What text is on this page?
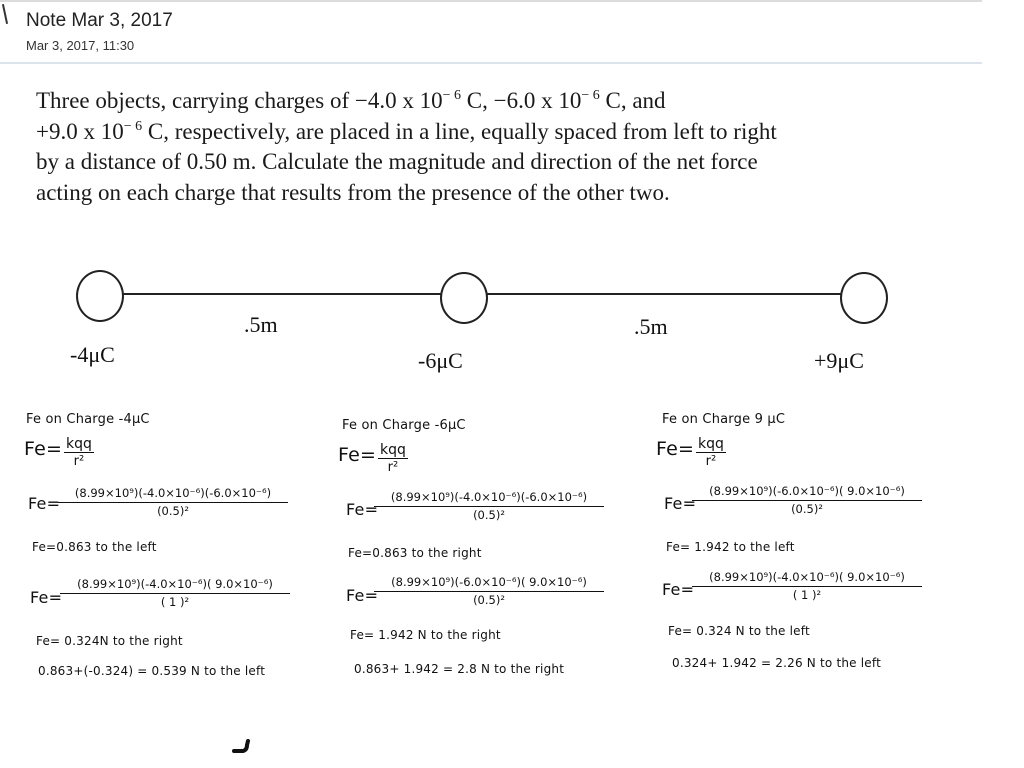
Note Mar 3, 2017
Mar 3, 2017, 11:30
Three objects, carrying charges of −4.0 x $10^{- 6}$ C, −6.0 x $10^{- 6}$ C, and
+9.0 x $10^{- 6}$ C, respectively, are placed in a line, equally spaced from left to right
by a distance of 0.50 m. Calculate the magnitude and direction of the net force
acting on each charge that results from the presence of the other two.
.5m	.5m
-4μC	-6μC	+9μC
Fe on Charge -4μC
Fe= kqq
r²
Fe=
$\frac{\text{(8.99×10⁹)(-4.0×10⁻⁶)(-6.0×10⁻⁶)}}{\text{(0.5)²}}$
Fe=0.863 to the left
Fe=
$\frac{\text{(8.99×10⁹)(-4.0×10⁻⁶)( 9.0×10⁻⁶)}}{\text{( 1 )²}}$
Fe= 0.324N to the right
0.863+(-0.324) = 0.539 N to the left
Fe on Charge -6μC
Fe= kqq
r²
Fe=
$\frac{\text{(8.99×10⁹)(-4.0×10⁻⁶)(-6.0×10⁻⁶)}}{\text{(0.5)²}}$
Fe=0.863 to the right
Fe=
$\frac{\text{(8.99×10⁹)(-6.0×10⁻⁶)( 9.0×10⁻⁶)}}{\text{(0.5)²}}$
Fe= 1.942 N to the right
0.863+ 1.942 = 2.8 N to the right
Fe on Charge 9 μC
Fe= kqq
r²
Fe=
$\frac{\text{(8.99×10⁹)(-6.0×10⁻⁶)( 9.0×10⁻⁶)}}{\text{(0.5)²}}$
Fe= 1.942 to the left
Fe=
$\frac{\text{(8.99×10⁹)(-4.0×10⁻⁶)( 9.0×10⁻⁶)}}{\text{( 1 )²}}$
Fe= 0.324 N to the left
0.324+ 1.942 = 2.26 N to the left
